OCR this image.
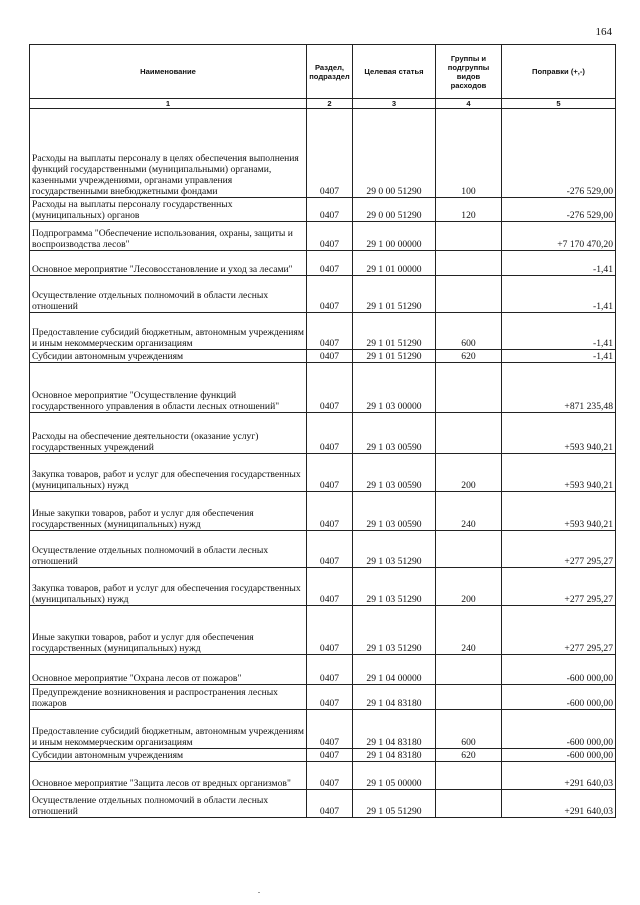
164
Наименование	Раздел, подраздел	Целевая статья	Группы и подгруппы видов расходов	Поправки (+,-)
1	2	3	4	5
Расходы на выплаты персоналу в целях обеспечения выполнения функций государственными (муниципальными) органами, казенными учреждениями, органами управления государственными внебюджетными фондами	0407	29 0 00 51290	100	-276 529,00
Расходы на выплаты персоналу государственных (муниципальных) органов	0407	29 0 00 51290	120	-276 529,00
Подпрограмма "Обеспечение использования, охраны, защиты и воспроизводства лесов"	0407	29 1 00 00000		+7 170 470,20
Основное мероприятие "Лесовосстановление и уход за лесами"	0407	29 1 01 00000		-1,41
Осуществление отдельных полномочий в области лесных отношений	0407	29 1 01 51290		-1,41
Предоставление субсидий бюджетным, автономным учреждениям и иным некоммерческим организациям	0407	29 1 01 51290	600	-1,41
Субсидии автономным учреждениям	0407	29 1 01 51290	620	-1,41
Основное мероприятие "Осуществление функций государственного управления в области лесных отношений"	0407	29 1 03 00000		+871 235,48
Расходы на обеспечение деятельности (оказание услуг) государственных учреждений	0407	29 1 03 00590		+593 940,21
Закупка товаров, работ и услуг для обеспечения государственных (муниципальных) нужд	0407	29 1 03 00590	200	+593 940,21
Иные закупки товаров, работ и услуг для обеспечения государственных (муниципальных) нужд	0407	29 1 03 00590	240	+593 940,21
Осуществление отдельных полномочий в области лесных отношений	0407	29 1 03 51290		+277 295,27
Закупка товаров, работ и услуг для обеспечения государственных (муниципальных) нужд	0407	29 1 03 51290	200	+277 295,27
Иные закупки товаров, работ и услуг для обеспечения государственных (муниципальных) нужд	0407	29 1 03 51290	240	+277 295,27
Основное мероприятие "Охрана лесов от пожаров"	0407	29 1 04 00000		-600 000,00
Предупреждение возникновения и распространения лесных пожаров	0407	29 1 04 83180		-600 000,00
Предоставление субсидий бюджетным, автономным учреждениям и иным некоммерческим организациям	0407	29 1 04 83180	600	-600 000,00
Субсидии автономным учреждениям	0407	29 1 04 83180	620	-600 000,00
Основное мероприятие "Защита лесов от вредных организмов"	0407	29 1 05 00000		+291 640,03
Осуществление отдельных полномочий в области лесных отношений	0407	29 1 05 51290		+291 640,03
